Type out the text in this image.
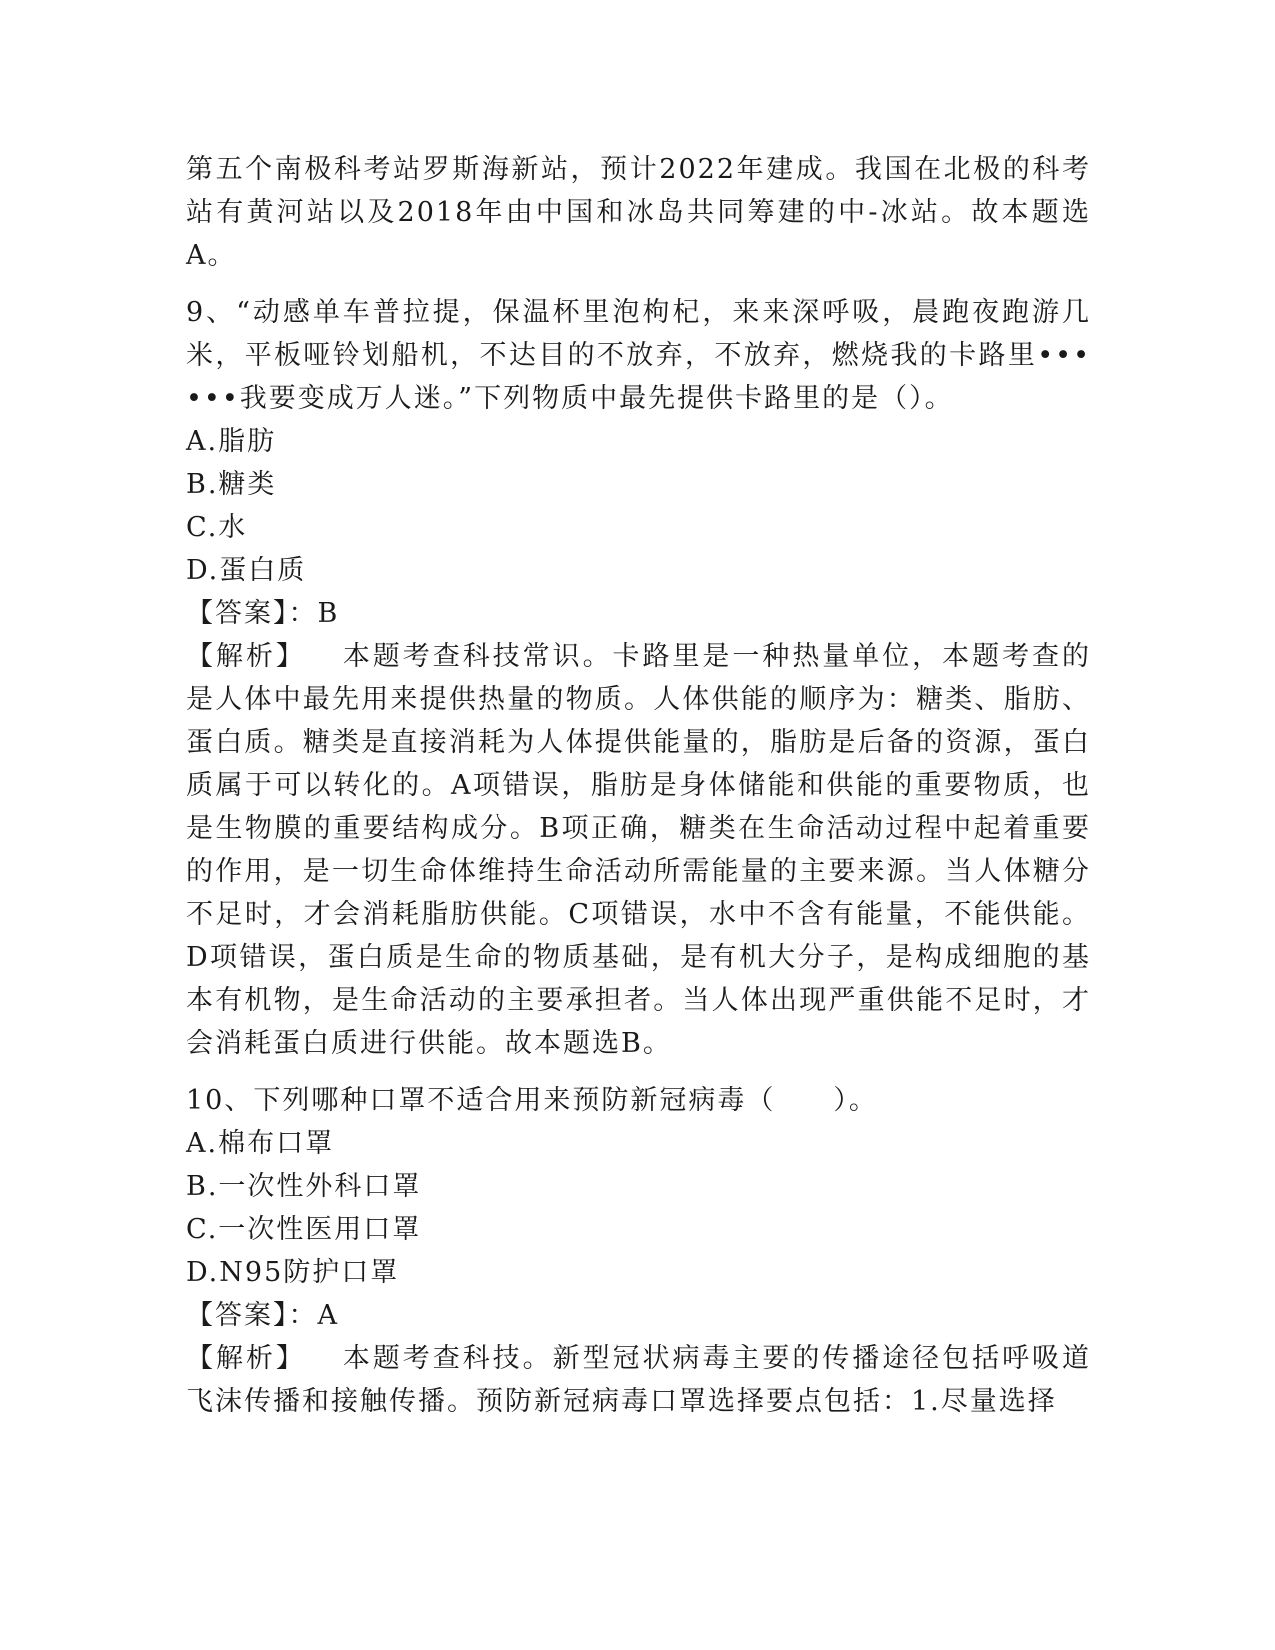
第五个南极科考站罗斯海新站，预计2022年建成。我国在北极的科考站有黄河站以及2018年由中国和冰岛共同筹建的中-冰站。故本题选A。

9、“动感单车普拉提，保温杯里泡枸杞，来来深呼吸，晨跑夜跑游几米，平板哑铃划船机，不达目的不放弃，不放弃，燃烧我的卡路里••••••我要变成万人迷。”下列物质中最先提供卡路里的是（）。

A.脂肪

B.糖类

C.水

D.蛋白质

【答案】：B

【解析】 本题考查科技常识。卡路里是一种热量单位，本题考查的是人体中最先用来提供热量的物质。人体供能的顺序为：糖类、脂肪、蛋白质。糖类是直接消耗为人体提供能量的，脂肪是后备的资源，蛋白质属于可以转化的。A项错误，脂肪是身体储能和供能的重要物质，也是生物膜的重要结构成分。B项正确，糖类在生命活动过程中起着重要的作用，是一切生命体维持生命活动所需能量的主要来源。当人体糖分不足时，才会消耗脂肪供能。C项错误，水中不含有能量，不能供能。D项错误，蛋白质是生命的物质基础，是有机大分子，是构成细胞的基本有机物，是生命活动的主要承担者。当人体出现严重供能不足时，才会消耗蛋白质进行供能。故本题选B。

10、下列哪种口罩不适合用来预防新冠病毒（　　）。

A.棉布口罩

B.一次性外科口罩

C.一次性医用口罩

D.N95防护口罩

【答案】：A

【解析】 本题考查科技。新型冠状病毒主要的传播途径包括呼吸道飞沫传播和接触传播。预防新冠病毒口罩选择要点包括：1.尽量选择
